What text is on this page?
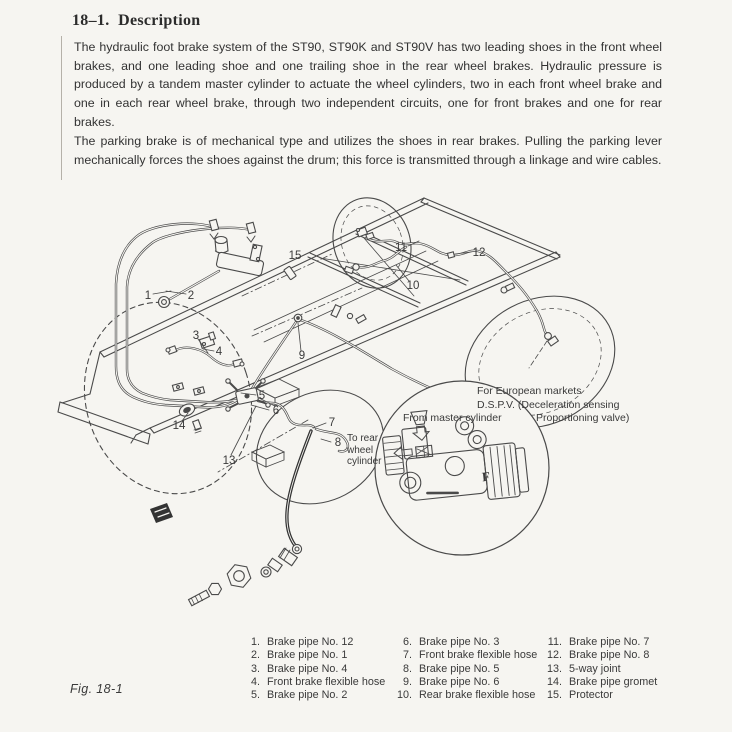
18–1.  Description
The hydraulic foot brake system of the ST90, ST90K and ST90V has two leading shoes in the front wheel brakes, and one leading shoe and one trailing shoe in the rear wheel brakes. Hydraulic pressure is produced by a tandem master cylinder to actuate the wheel cylinders, two in each front wheel brake and one in each rear wheel brake, through two independent circuits, one for front brakes and one for rear brakes.
The parking brake is of mechanical type and utilizes the shoes in rear brakes. Pulling the parking lever mechanically forces the shoes against the drum; this force is transmitted through a linkage and wire cables.
1	2
3
4
5
6
7
8
9
10
11	12
13
14
15
For European markets
D.S.P.V. (Deceleration sensing
Proportioning valve)
From master cylinder
To rear
wheel
cylinder
F
1. Brake pipe No. 12
2. Brake pipe No. 1
3. Brake pipe No. 4
4. Front brake flexible hose
5. Brake pipe No. 2
6. Brake pipe No. 3
7. Front brake flexible hose
8. Brake pipe No. 5
9. Brake pipe No. 6
10. Rear brake flexible hose
11. Brake pipe No. 7
12. Brake pipe No. 8
13. 5-way joint
14. Brake pipe gromet
15. Protector
Fig. 18-1
